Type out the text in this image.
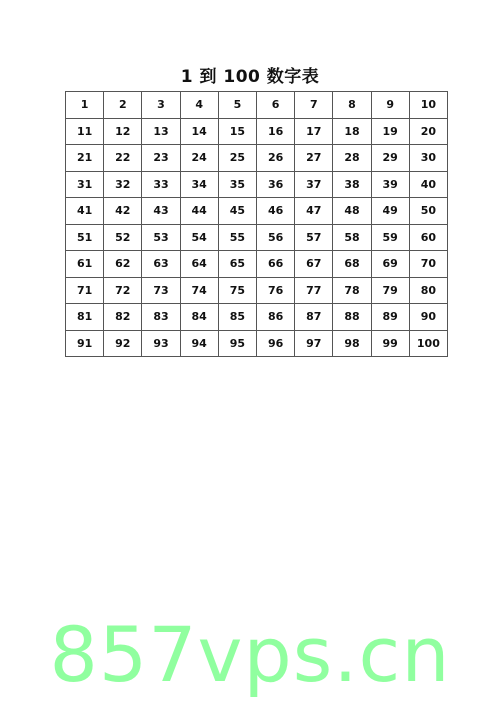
1 到 100 数字表
1	2	3	4	5	6	7	8	9	10
11	12	13	14	15	16	17	18	19	20
21	22	23	24	25	26	27	28	29	30
31	32	33	34	35	36	37	38	39	40
41	42	43	44	45	46	47	48	49	50
51	52	53	54	55	56	57	58	59	60
61	62	63	64	65	66	67	68	69	70
71	72	73	74	75	76	77	78	79	80
81	82	83	84	85	86	87	88	89	90
91	92	93	94	95	96	97	98	99	100
857vps.cn
